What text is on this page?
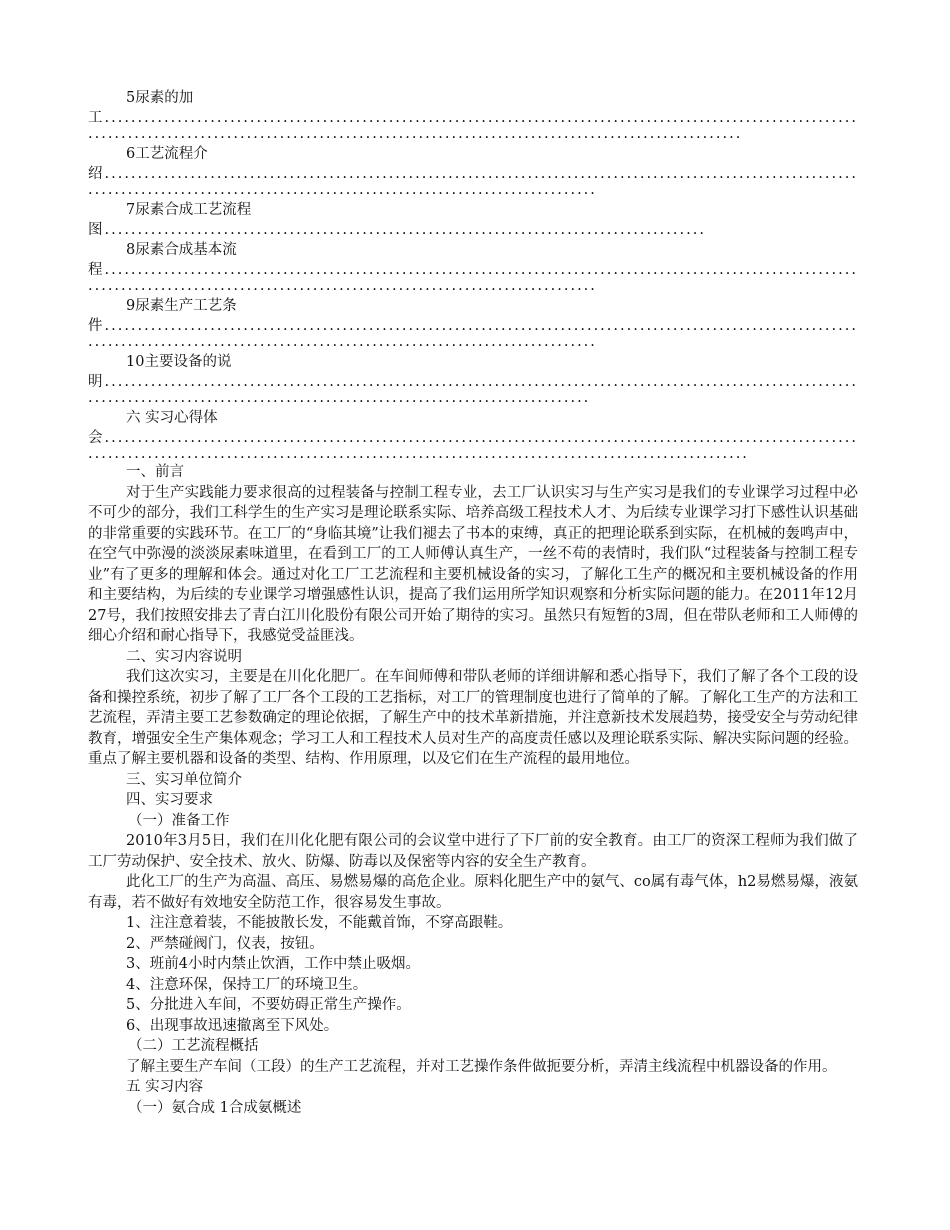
5尿素的加
工.....................................................................................................................................................................................................................
6工艺流程介
绍...............................................................................................................................................................................................
7尿素合成工艺流程
图...........................................................................................
8尿素合成基本流
程...............................................................................................................................................................................................
9尿素生产工艺条
件...............................................................................................................................................................................................
10主要设备的说
明..............................................................................................................................................................................................
六 实习心得体
会......................................................................................................................................................................................................................

一、前言

对于生产实践能力要求很高的过程装备与控制工程专业，去工厂认识实习与生产实习是我们的专业课学习过程中必不可少的部分，我们工科学生的生产实习是理论联系实际、培养高级工程技术人才、为后续专业课学习打下感性认识基础的非常重要的实践环节。在工厂的“身临其境”让我们褪去了书本的束缚，真正的把理论联系到实际，在机械的轰鸣声中，在空气中弥漫的淡淡尿素味道里，在看到工厂的工人师傅认真生产，一丝不苟的表情时，我们队“过程装备与控制工程专业”有了更多的理解和体会。通过对化工厂工艺流程和主要机械设备的实习，了解化工生产的概况和主要机械设备的作用和主要结构，为后续的专业课学习增强感性认识，提高了我们运用所学知识观察和分析实际问题的能力。在2011年12月27号，我们按照安排去了青白江川化股份有限公司开始了期待的实习。虽然只有短暂的3周，但在带队老师和工人师傅的细心介绍和耐心指导下，我感觉受益匪浅。

二、实习内容说明

我们这次实习，主要是在川化化肥厂。在车间师傅和带队老师的详细讲解和悉心指导下，我们了解了各个工段的设备和操控系统，初步了解了工厂各个工段的工艺指标，对工厂的管理制度也进行了简单的了解。了解化工生产的方法和工艺流程，弄清主要工艺参数确定的理论依据，了解生产中的技术革新措施，并注意新技术发展趋势，接受安全与劳动纪律教育，增强安全生产集体观念；学习工人和工程技术人员对生产的高度责任感以及理论联系实际、解决实际问题的经验。重点了解主要机器和设备的类型、结构、作用原理，以及它们在生产流程的最用地位。

三、实习单位简介

四、实习要求

（一）准备工作

2010年3月5日，我们在川化化肥有限公司的会议堂中进行了下厂前的安全教育。由工厂的资深工程师为我们做了工厂劳动保护、安全技术、放火、防爆、防毒以及保密等内容的安全生产教育。

此化工厂的生产为高温、高压、易燃易爆的高危企业。原料化肥生产中的氨气、co属有毒气体，h2易燃易爆，液氨有毒，若不做好有效地安全防范工作，很容易发生事故。

1、注注意着装，不能披散长发，不能戴首饰，不穿高跟鞋。

2、严禁碰阀门，仪表，按钮。

3、班前4小时内禁止饮酒，工作中禁止吸烟。

4、注意环保，保持工厂的环境卫生。

5、分批进入车间，不要妨碍正常生产操作。

6、出现事故迅速撤离至下风处。

（二）工艺流程概括

了解主要生产车间（工段）的生产工艺流程，并对工艺操作条件做扼要分析，弄清主线流程中机器设备的作用。

五 实习内容

（一）氨合成 1合成氨概述
